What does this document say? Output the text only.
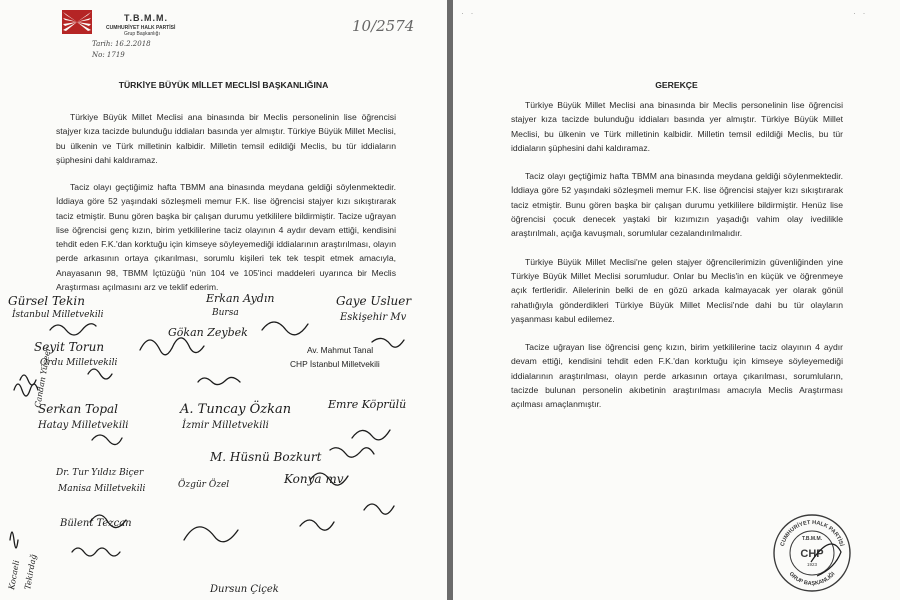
T.B.M.M.
CUMHURİYET HALK PARTİSİ
Grup Başkanlığı
Tarih: 16.2.2018
No: 1719
10/2574
TÜRKİYE BÜYÜK MİLLET MECLİSİ BAŞKANLIĞINA

Türkiye Büyük Millet Meclisi ana binasında bir Meclis personelinin lise öğrencisi stajyer kıza tacizde bulunduğu iddiaları basında yer almıştır. Türkiye Büyük Millet Meclisi, bu ülkenin ve Türk milletinin kalbidir. Milletin temsil edildiği Meclis, bu tür iddiaların şüphesini dahi kaldıramaz.

Taciz olayı geçtiğimiz hafta TBMM ana binasında meydana geldiği söylenmektedir. İddiaya göre 52 yaşındaki sözleşmeli memur F.K. lise öğrencisi stajyer kızı sıkıştırarak taciz etmiştir. Bunu gören başka bir çalışan durumu yetkililere bildirmiştir. Tacize uğrayan lise öğrencisi genç kızın, birim yetkililerine taciz olayının 4 aydır devam ettiği, kendisini tehdit eden F.K.'dan korktuğu için kimseye söyleyemediği iddialarının araştırılması, olayın perde arkasının ortaya çıkarılması, sorumlu kişileri tek tek tespit etmek amacıyla, Anayasanın 98, TBMM İçtüzüğü 'nün 104 ve 105'inci maddeleri uyarınca bir Meclis Araştırması açılmasını arz ve teklif ederim.

Gürsel Tekin
İstanbul Milletvekili
Erkan Aydın
Bursa
Gaye Usluer
Eskişehir Mv
Seyit Torun
Ordu Milletvekili
Gökan Zeybek
Serkan Topal
Hatay Milletvekili
A. Tuncay Özkan
İzmir Milletvekili
Emre Köprülü
M. Hüsnü Bozkurt
Konya mv
Dr. Tur Yıldız Biçer
Manisa Milletvekili	Özgür Özel
Bülent Tezcan
Dursun Çiçek
Candan Yüceer
Tekirdağ
Kocaeli
Av. Mahmut Tanal
CHP İstanbul Milletvekili
· ·	· ·
GEREKÇE

Türkiye Büyük Millet Meclisi ana binasında bir Meclis personelinin lise öğrencisi stajyer kıza tacizde bulunduğu iddiaları basında yer almıştır. Türkiye Büyük Millet Meclisi, bu ülkenin ve Türk milletinin kalbidir. Milletin temsil edildiği Meclis, bu tür iddiaların şüphesini dahi kaldıramaz.

Taciz olayı geçtiğimiz hafta TBMM ana binasında meydana geldiği söylenmektedir. İddiaya göre 52 yaşındaki sözleşmeli memur F.K. lise öğrencisi stajyer kızı sıkıştırarak taciz etmiştir. Bunu gören başka bir çalışan durumu yetkililere bildirmiştir. Henüz lise öğrencisi çocuk denecek yaştaki bir kızımızın yaşadığı vahim olay ivedilikle araştırılmalı, açığa kavuşmalı, sorumlular cezalandırılmalıdır.

Türkiye Büyük Millet Meclisi'ne gelen stajyer öğrencilerimizin güvenliğinden yine Türkiye Büyük Millet Meclisi sorumludur. Onlar bu Meclis'in en küçük ve öğrenmeye açık fertleridir. Ailelerinin belki de en gözü arkada kalmayacak yer olarak gönül rahatlığıyla gönderdikleri Türkiye Büyük Millet Meclisi'nde dahi bu tür olayların yaşanması kabul edilemez.

Tacize uğrayan lise öğrencisi genç kızın, birim yetkililerine taciz olayının 4 aydır devam ettiği, kendisini tehdit eden F.K.'dan korktuğu için kimseye söyleyemediği iddialarının araştırılması, olayın perde arkasının ortaya çıkarılması, sorumluların, tacizde bulunan personelin akıbetinin araştırılması amacıyla Meclis Araştırması açılması amaçlanmıştır.

CUMHURİYET HALK PARTİSİ
GRUP BAŞKANLIĞI
T.B.M.M.
CHP
1923
